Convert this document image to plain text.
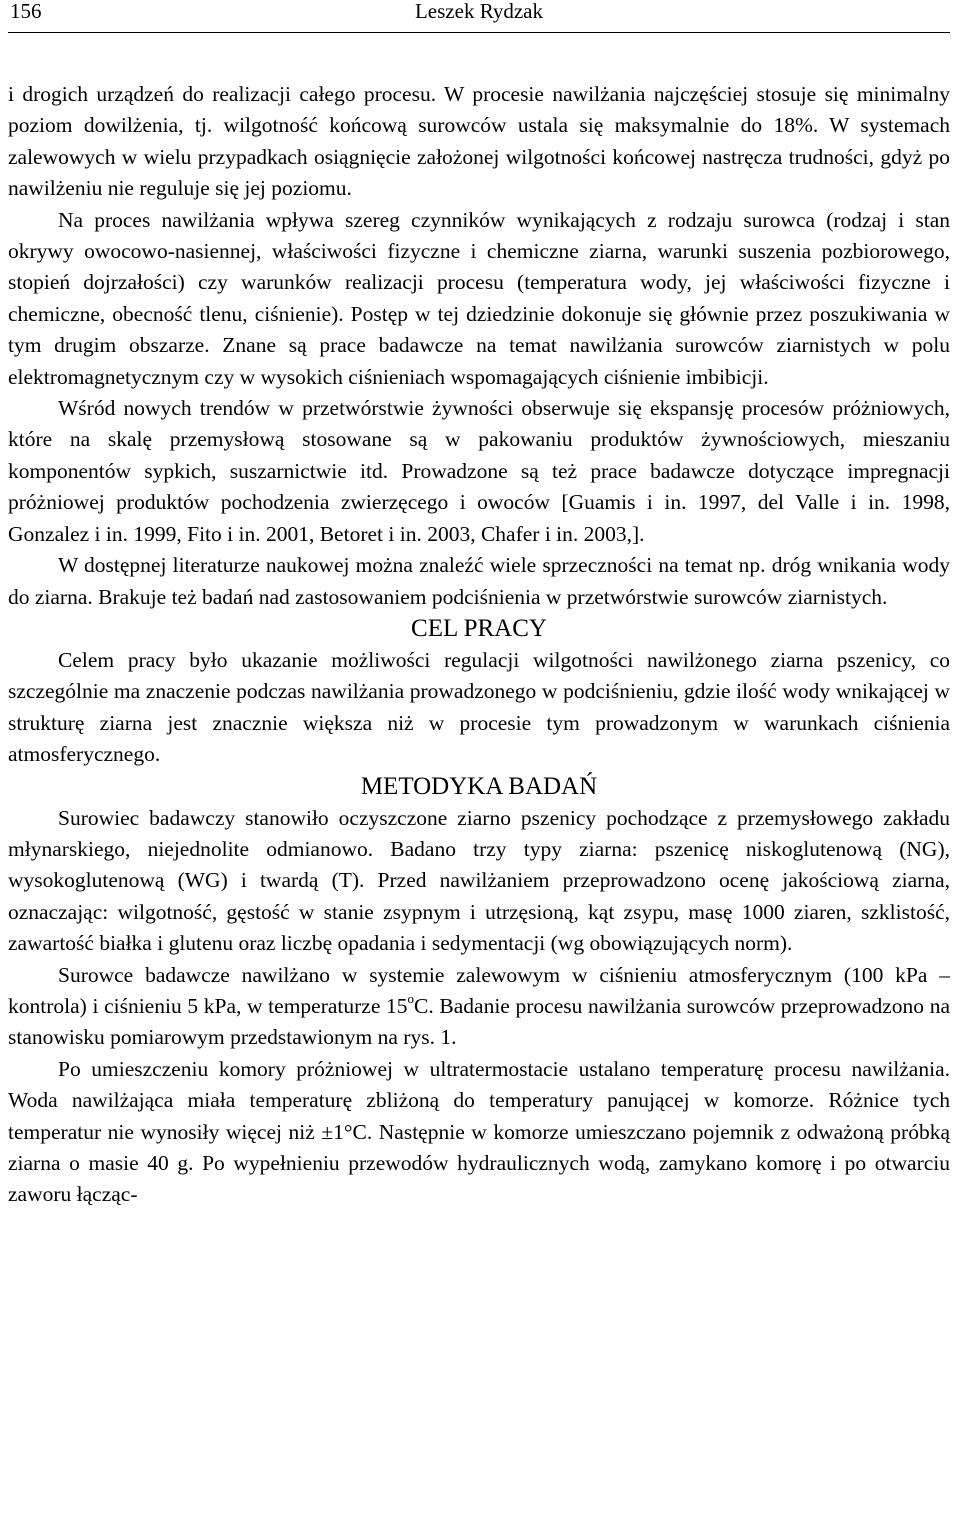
156	Leszek Rydzak

i drogich urządzeń do realizacji całego procesu. W procesie nawilżania najczęściej stosuje się minimalny poziom dowilżenia, tj. wilgotność końcową surowców ustala się maksymalnie do 18%. W systemach zalewowych w wielu przypadkach osiągnięcie założonej wilgotności końcowej nastręcza trudności, gdyż po nawilżeniu nie reguluje się jej poziomu.

Na proces nawilżania wpływa szereg czynników wynikających z rodzaju surowca (rodzaj i stan okrywy owocowo-nasiennej, właściwości fizyczne i chemiczne ziarna, warunki suszenia pozbiorowego, stopień dojrzałości) czy warunków realizacji procesu (temperatura wody, jej właściwości fizyczne i chemiczne, obecność tlenu, ciśnienie). Postęp w tej dziedzinie dokonuje się głównie przez poszukiwania w tym drugim obszarze. Znane są prace badawcze na temat nawilżania surowców ziarnistych w polu elektromagnetycznym czy w wysokich ciśnieniach wspomagających ciśnienie imbibicji.

Wśród nowych trendów w przetwórstwie żywności obserwuje się ekspansję procesów próżniowych, które na skalę przemysłową stosowane są w pakowaniu produktów żywnościowych, mieszaniu komponentów sypkich, suszarnictwie itd. Prowadzone są też prace badawcze dotyczące impregnacji próżniowej produktów pochodzenia zwierzęcego i owoców [Guamis i in. 1997, del Valle i in. 1998, Gonzalez i in. 1999, Fito i in. 2001, Betoret i in. 2003, Chafer i in. 2003,].

W dostępnej literaturze naukowej można znaleźć wiele sprzeczności na temat np. dróg wnikania wody do ziarna. Brakuje też badań nad zastosowaniem podciśnienia w przetwórstwie surowców ziarnistych.

CEL PRACY

Celem pracy było ukazanie możliwości regulacji wilgotności nawilżonego ziarna pszenicy, co szczególnie ma znaczenie podczas nawilżania prowadzonego w podciśnieniu, gdzie ilość wody wnikającej w strukturę ziarna jest znacznie większa niż w procesie tym prowadzonym w warunkach ciśnienia atmosferycznego.

METODYKA BADAŃ

Surowiec badawczy stanowiło oczyszczone ziarno pszenicy pochodzące z przemysłowego zakładu młynarskiego, niejednolite odmianowo. Badano trzy typy ziarna: pszenicę niskoglutenową (NG), wysokoglutenową (WG) i twardą (T). Przed nawilżaniem przeprowadzono ocenę jakościową ziarna, oznaczając: wilgotność, gęstość w stanie zsypnym i utrzęsioną, kąt zsypu, masę 1000 ziaren, szklistość, zawartość białka i glutenu oraz liczbę opadania i sedymentacji (wg obowiązujących norm).

Surowce badawcze nawilżano w systemie zalewowym w ciśnieniu atmosferycznym (100 kPa – kontrola) i ciśnieniu 5 kPa, w temperaturze 15$^o$C. Badanie procesu nawilżania surowców przeprowadzono na stanowisku pomiarowym przedstawionym na rys. 1.

Po umieszczeniu komory próżniowej w ultratermostacie ustalano temperaturę procesu nawilżania. Woda nawilżająca miała temperaturę zbliżoną do temperatury panującej w komorze. Różnice tych temperatur nie wynosiły więcej niż ±1°C. Następnie w komorze umieszczano pojemnik z odważoną próbką ziarna o masie 40 g. Po wypełnieniu przewodów hydraulicznych wodą, zamykano komorę i po otwarciu zaworu łącząc-
